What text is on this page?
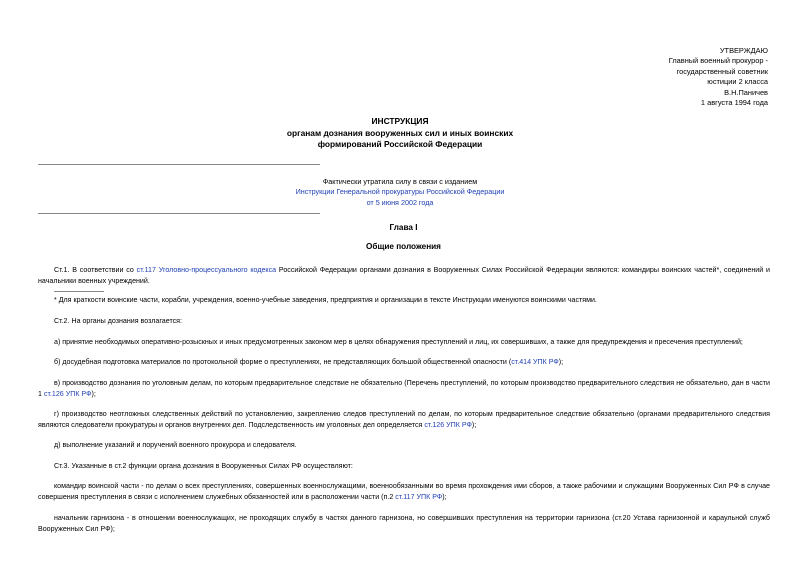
УТВЕРЖДАЮ
Главный военный прокурор -
государственный советник
юстиции 2 класса
В.Н.Паничев
1 августа 1994 года
ИНСТРУКЦИЯ
органам дознания вооруженных сил и иных воинских
формирований Российской Федерации
Фактически утратила силу в связи с изданием
Инструкции Генеральной прокуратуры Российской Федерации
от 5 июня 2002 года
Глава I
Общие положения
Ст.1. В соответствии со ст.117 Уголовно-процессуального кодекса Российской Федерации органами дознания в Вооруженных Силах Российской Федерации являются: командиры воинских частей*, соединений и начальники военных учреждений.
* Для краткости воинские части, корабли, учреждения, военно-учебные заведения, предприятия и организации в тексте Инструкции именуются воинскими частями.
Ст.2. На органы дознания возлагается:
а) принятие необходимых оперативно-розыскных и иных предусмотренных законом мер в целях обнаружения преступлений и лиц, их совершивших, а также для предупреждения и пресечения преступлений;
б) досудебная подготовка материалов по протокольной форме о преступлениях, не представляющих большой общественной опасности (ст.414 УПК РФ);
в) производство дознания по уголовным делам, по которым предварительное следствие не обязательно (Перечень преступлений, по которым производство предварительного следствия не обязательно, дан в части 1 ст.126 УПК РФ);
г) производство неотложных следственных действий по установлению, закреплению следов преступлений по делам, по которым предварительное следствие обязательно (органами предварительного следствия являются следователи прокуратуры и органов внутренних дел. Подследственность им уголовных дел определяется ст.126 УПК РФ);
д) выполнение указаний и поручений военного прокурора и следователя.
Ст.3. Указанные в ст.2 функции органа дознания в Вооруженных Силах РФ осуществляют:
командир воинской части - по делам о всех преступлениях, совершенных военнослужащими, военнообязанными во время прохождения ими сборов, а также рабочими и служащими Вооруженных Сил РФ в случае совершения преступления в связи с исполнением служебных обязанностей или в расположении части (п.2 ст.117 УПК РФ);
начальник гарнизона - в отношении военнослужащих, не проходящих службу в частях данного гарнизона, но совершивших преступления на территории гарнизона (ст.20 Устава гарнизонной и караульной служб Вооруженных Сил РФ);
